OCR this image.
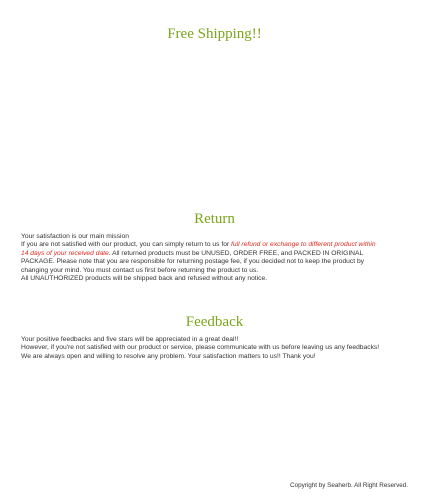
Free Shipping!!
Return
Your satisfaction is our main mission
If you are not satisfied with our product, you can simply return to us for full refund or exchange to different product within
14 days of your received date. All returned products must be UNUSED, ORDER FREE, and PACKED IN ORIGINAL
PACKAGE. Please note that you are responsible for returning postage fee, if you decided not to keep the product by
changing your mind. You must contact us first before returning the product to us.
All UNAUTHORIZED products will be shipped back and refused without any notice.
Feedback
Your positive feedbacks and five stars will be appreciated in a great deal!!
However, if you're not satisfied with our product or service, please communicate with us before leaving us any feedbacks!
We are always open and willing to resolve any problem. Your satisfaction matters to us!! Thank you!
Copyright by Seaherb. All Right Reserved.
